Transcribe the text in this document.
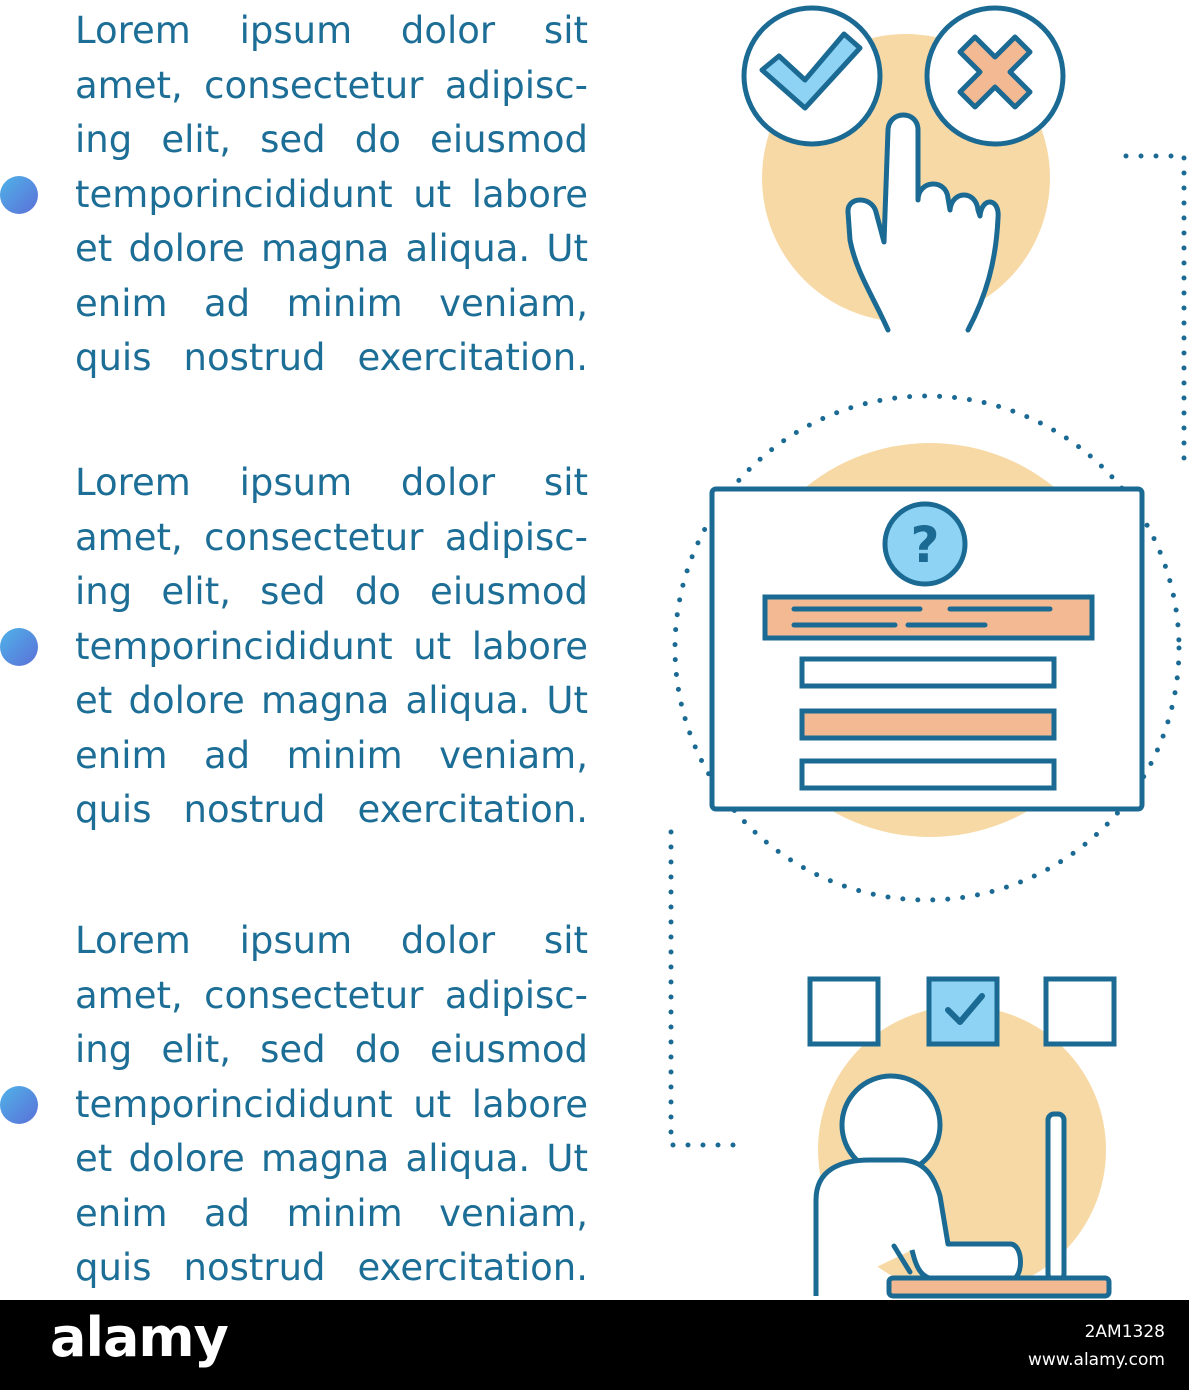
Lorem ipsum dolor sit
amet, consectetur adipisc-
ing elit, sed do eiusmod
temporincididunt ut labore
et dolore magna aliqua. Ut
enim ad minim veniam,
quis nostrud exercitation.

Lorem ipsum dolor sit
amet, consectetur adipisc-
ing elit, sed do eiusmod
temporincididunt ut labore
et dolore magna aliqua. Ut
enim ad minim veniam,
quis nostrud exercitation.

Lorem ipsum dolor sit
amet, consectetur adipisc-
ing elit, sed do eiusmod
temporincididunt ut labore
et dolore magna aliqua. Ut
enim ad minim veniam,
quis nostrud exercitation.

?
alamy	2AM1328
www.alamy.com
